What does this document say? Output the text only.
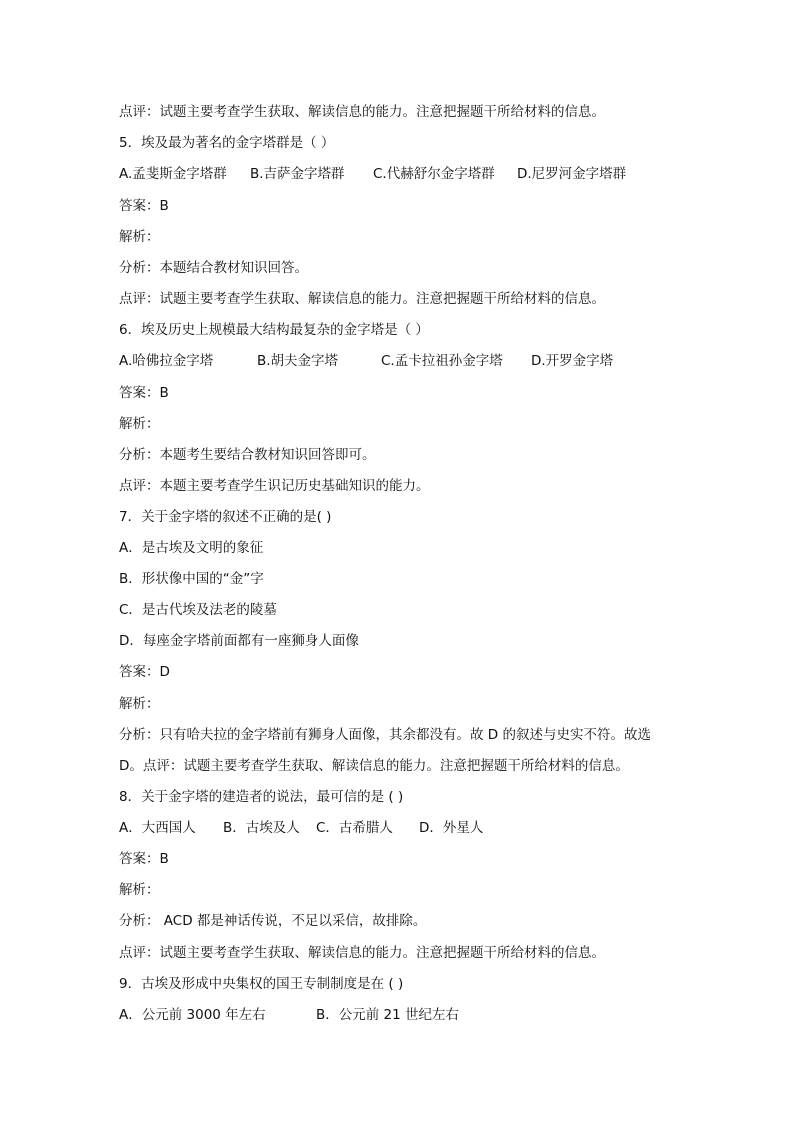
点评：试题主要考查学生获取、解读信息的能力。注意把握题干所给材料的信息。
5．埃及最为著名的金字塔群是（ ）
A.孟斐斯金字塔群 B.吉萨金字塔群 C.代赫舒尔金字塔群 D.尼罗河金字塔群
答案：B
解析：
分析：本题结合教材知识回答。
点评：试题主要考查学生获取、解读信息的能力。注意把握题干所给材料的信息。
6．埃及历史上规模最大结构最复杂的金字塔是（ ）
A.哈佛拉金字塔	B.胡夫金字塔	C.孟卡拉祖孙金字塔 D.开罗金字塔
答案：B
解析：
分析：本题考生要结合教材知识回答即可。
点评：本题主要考查学生识记历史基础知识的能力。
7．关于金字塔的叙述不正确的是( )
A．是古埃及文明的象征
B．形状像中国的“金”字
C．是古代埃及法老的陵墓
D．每座金字塔前面都有一座狮身人面像
答案：D
解析：
分析：只有哈夫拉的金字塔前有狮身人面像，其余都没有。故 D 的叙述与史实不符。故选
D。点评：试题主要考查学生获取、解读信息的能力。注意把握题干所给材料的信息。
8．关于金字塔的建造者的说法，最可信的是 ( )
A．大西国人 B．古埃及人 C．古希腊人 D．外星人
答案：B
解析：
分析： ACD 都是神话传说，不足以采信，故排除。
点评：试题主要考查学生获取、解读信息的能力。注意把握题干所给材料的信息。
9．古埃及形成中央集权的国王专制制度是在 ( )
A．公元前 3000 年左右	B．公元前 21 世纪左右
